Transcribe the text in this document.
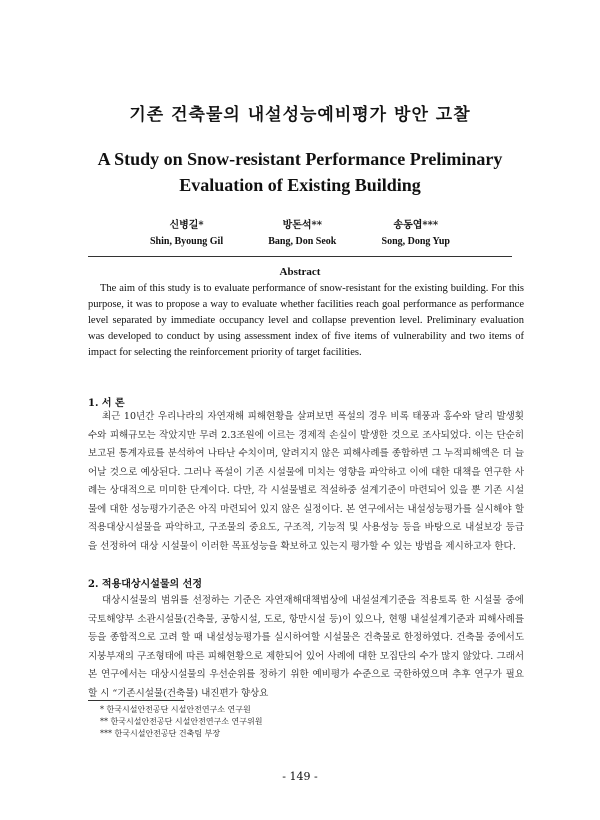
기존 건축물의 내설성능예비평가 방안 고찰
A Study on Snow-resistant Performance Preliminary
Evaluation of Existing Building
신병길*
Shin, Byoung Gil
방돈석**
Bang, Don Seok
송동엽***
Song, Dong Yup
Abstract

The aim of this study is to evaluate performance of snow-resistant for the existing building. For this purpose, it was to propose a way to evaluate whether facilities reach goal performance as performance level separated by immediate occupancy level and collapse prevention level. Preliminary evaluation was developed to conduct by using assessment index of five items of vulnerability and two items of impact for selecting the reinforcement priority of target facilities.

1. 서 론

최근 10년간 우리나라의 자연재해 피해현황을 살펴보면 폭설의 경우 비록 태풍과 홍수와 달리 발생횟수와 피해규모는 작았지만 무려 2.3조원에 이르는 경제적 손실이 발생한 것으로 조사되었다. 이는 단순히 보고된 통계자료를 분석하여 나타난 수치이며, 알려지지 않은 피해사례를 종합하면 그 누적피해액은 더 늘어날 것으로 예상된다. 그러나 폭설이 기존 시설물에 미치는 영향을 파악하고 이에 대한 대책을 연구한 사례는 상대적으로 미미한 단계이다. 다만, 각 시설물별로 적설하중 설계기준이 마련되어 있을 뿐 기존 시설물에 대한 성능평가기준은 아직 마련되어 있지 않은 실정이다. 본 연구에서는 내설성능평가를 실시해야 할 적용대상시설물을 파악하고, 구조물의 중요도, 구조적, 기능적 및 사용성능 등을 바탕으로 내설보강 등급을 선정하여 대상 시설물이 이러한 목표성능을 확보하고 있는지 평가할 수 있는 방법을 제시하고자 한다.

2. 적용대상시설물의 선정

대상시설물의 범위를 선정하는 기준은 자연재해대책법상에 내설설계기준을 적용토록 한 시설물 중에 국토해양부 소관시설물(건축물, 공항시설, 도로, 항만시설 등)이 있으나, 현행 내설설계기준과 피해사례를 등을 종합적으로 고려 할 때 내설성능평가를 실시하여할 시설물은 건축물로 한정하였다. 건축물 중에서도 지붕부재의 구조형태에 따른 피해현황으로 제한되어 있어 사례에 대한 모집단의 수가 많지 않았다. 그래서 본 연구에서는 대상시설물의 우선순위를 정하기 위한 예비평가 수준으로 국한하였으며 추후 연구가 필요할 시 “기존시설물(건축물) 내진편가 향상요

* 한국시설안전공단 시설안전연구소 연구원
** 한국시설안전공단 시설안전연구소 연구위원
*** 한국시설안전공단 건축팀 부장
- 149 -
